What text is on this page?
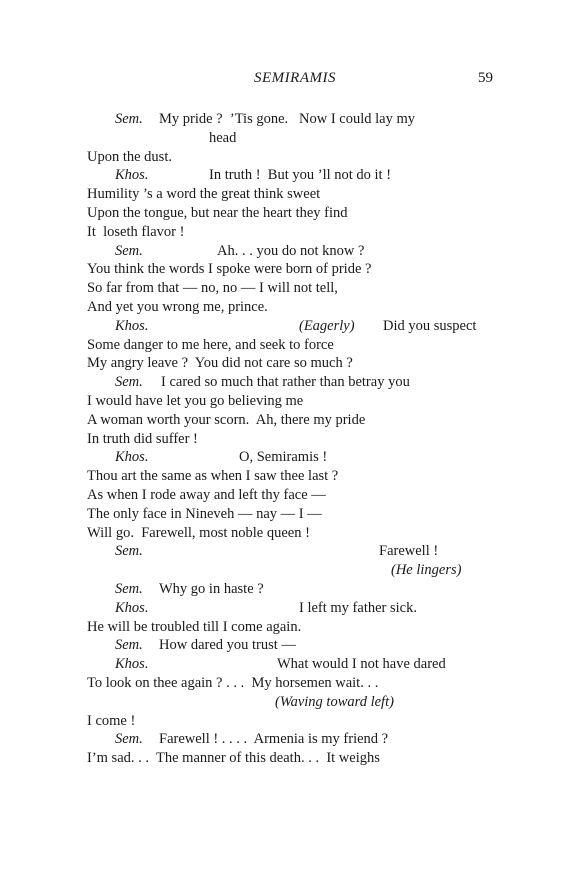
SEMIRAMIS	59

Sem.

My pride ?  ’Tis gone.   Now I could lay my

head

Upon the dust.

Khos.

	In truth !  But you ’ll not do it !

Humility ’s a word the great think sweet

Upon the tongue, but near the heart they find

It  loseth flavor !

Sem.

	Ah. . . you do not know ?

You think the words I spoke were born of pride ?

So far from that — no, no — I will not tell,

And yet you wrong me, prince.

Khos.

	(Eagerly)

Did you suspect

Some danger to me here, and seek to force

My angry leave ?  You did not care so much ?

Sem.

I cared so much that rather than betray you

I would have let you go believing me

A woman worth your scorn.  Ah, there my pride

In truth did suffer !

Khos.

	O, Semiramis !

Thou art the same as when I saw thee last ?

As when I rode away and left thy face —

The only face in Nineveh — nay — I —

Will go.  Farewell, most noble queen !

Sem.

	Farewell !

(He lingers)

Sem.

Why go in haste ?

Khos.

	I left my father sick.

He will be troubled till I come again.

Sem.

How dared you trust —

Khos.

	What would I not have dared

To look on thee again ? . . .  My horsemen wait. . .

(Waving toward left)

I come !

Sem.

Farewell ! . . . .  Armenia is my friend ?

I’m sad. . .  The manner of this death. . .  It weighs
